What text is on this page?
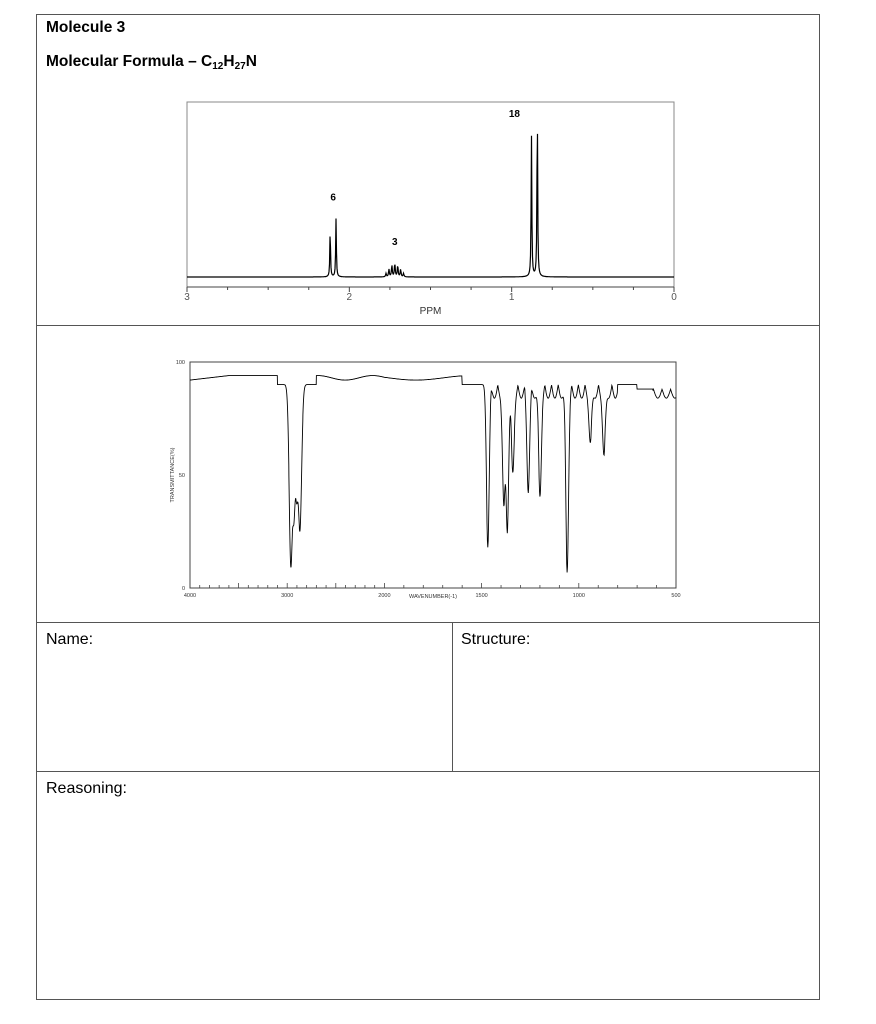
Molecule 3
Molecular Formula – $C_{12}H_{27}N$
3	2	1	0
PPM
6
3
18
4000	3000	2000	1500	1000	500
WAVENUMBER(-1)
0
50
100
TRANSMITTANCE(%)
Name:	Structure:
Reasoning:
